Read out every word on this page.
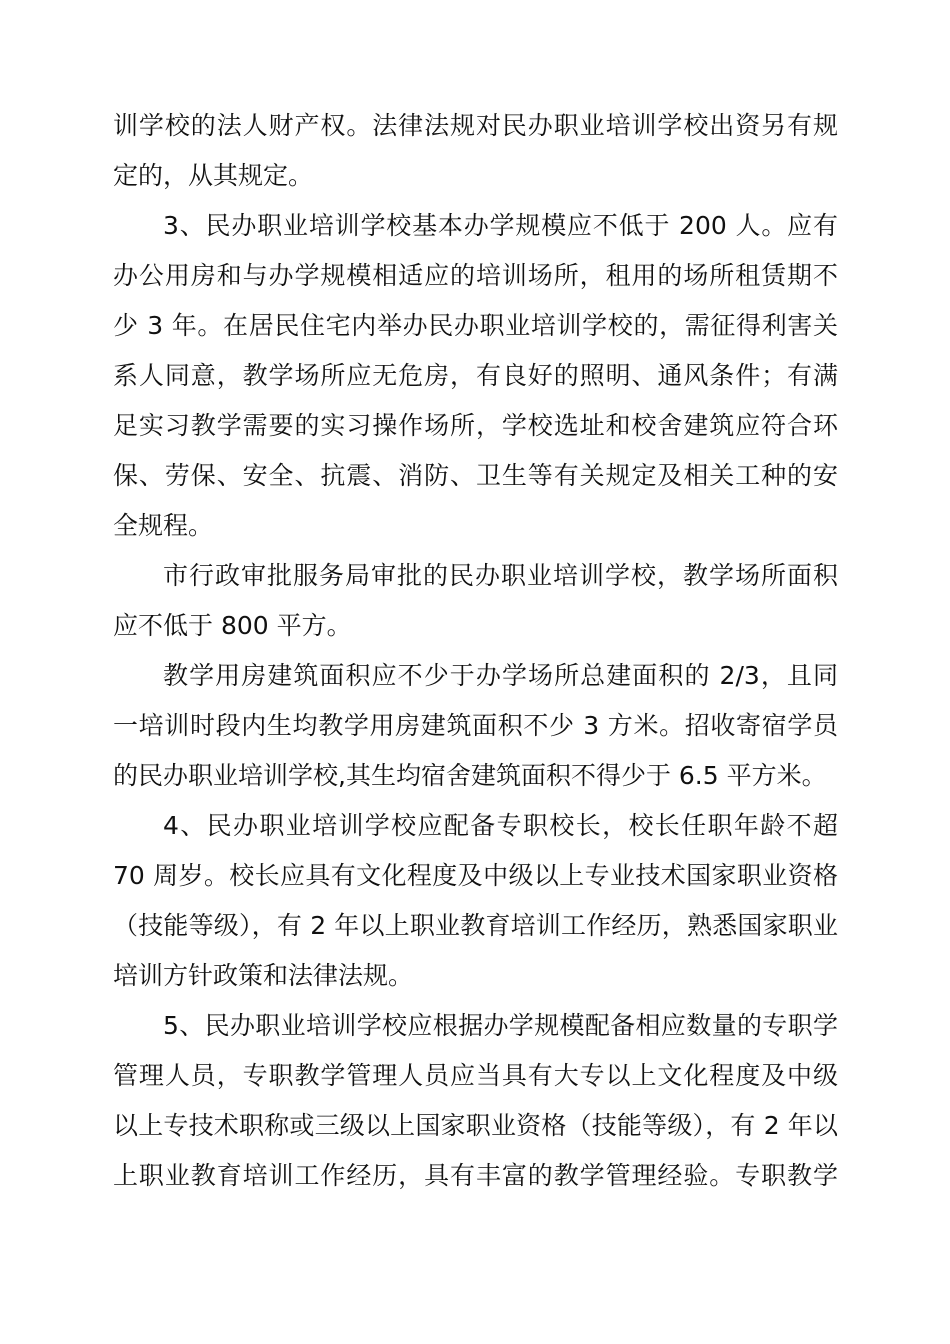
训学校的法人财产权。法律法规对民办职业培训学校出资另有规
定的，从其规定。
3、民办职业培训学校基本办学规模应不低于 200 人。应有
办公用房和与办学规模相适应的培训场所，租用的场所租赁期不
少 3 年。在居民住宅内举办民办职业培训学校的，需征得利害关
系人同意，教学场所应无危房，有良好的照明、通风条件；有满
足实习教学需要的实习操作场所，学校选址和校舍建筑应符合环
保、劳保、安全、抗震、消防、卫生等有关规定及相关工种的安
全规程。
市行政审批服务局审批的民办职业培训学校，教学场所面积
应不低于 800 平方。
教学用房建筑面积应不少于办学场所总建面积的 2/3，且同
一培训时段内生均教学用房建筑面积不少 3 方米。招收寄宿学员
的民办职业培训学校,其生均宿舍建筑面积不得少于 6.5 平方米。
4、民办职业培训学校应配备专职校长，校长任职年龄不超
70 周岁。校长应具有文化程度及中级以上专业技术国家职业资格
（技能等级），有 2 年以上职业教育培训工作经历，熟悉国家职业
培训方针政策和法律法规。
5、民办职业培训学校应根据办学规模配备相应数量的专职学
管理人员，专职教学管理人员应当具有大专以上文化程度及中级
以上专技术职称或三级以上国家职业资格（技能等级），有 2 年以
上职业教育培训工作经历，具有丰富的教学管理经验。专职教学
